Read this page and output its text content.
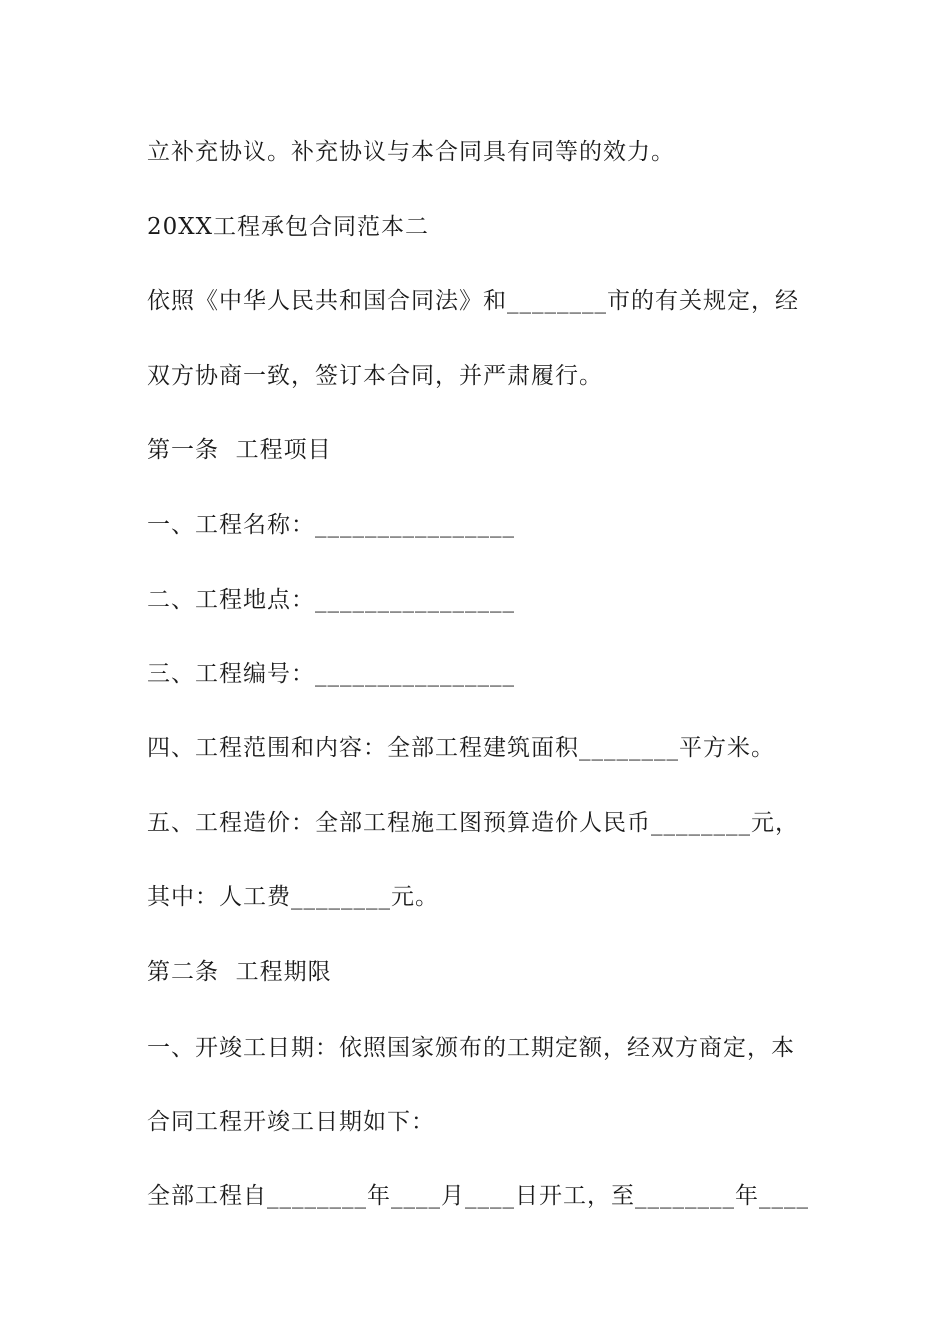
立补充协议。补充协议与本合同具有同等的效力。
20XX工程承包合同范本二
依照《中华人民共和国合同法》和________市的有关规定，经
双方协商一致，签订本合同，并严肃履行。
第一条  工程项目
一、工程名称：________________
二、工程地点：________________
三、工程编号：________________
四、工程范围和内容：全部工程建筑面积________平方米。
五、工程造价：全部工程施工图预算造价人民币________元，
其中：人工费________元。
第二条  工程期限
一、开竣工日期：依照国家颁布的工期定额，经双方商定，本
合同工程开竣工日期如下：
全部工程自________年____月____日开工，至________年____
